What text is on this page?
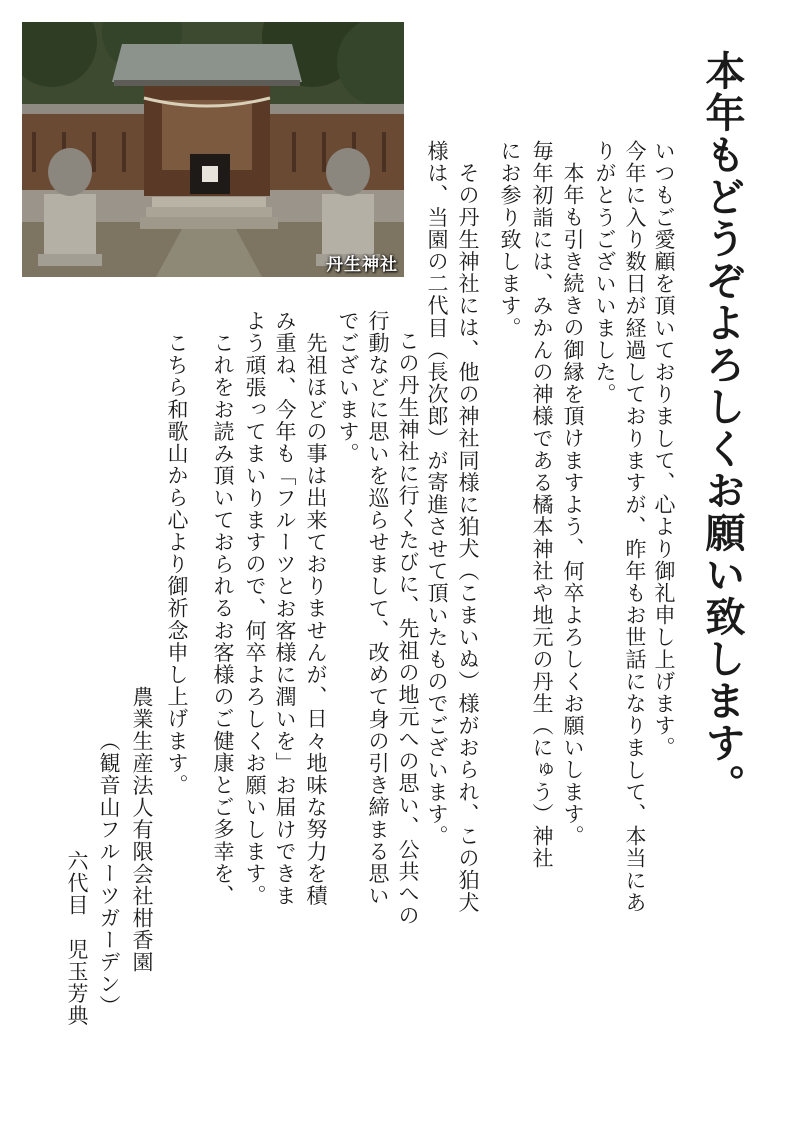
丹生神社	本年もどうぞよろしくお願い致します。
いつもご愛顧を頂いておりまして、心より御礼申し上げます。
今年に入り数日が経過しておりますが、昨年もお世話になりまして、本当にあ
りがとうございいました。
本年も引き続きの御縁を頂けますよう、何卒よろしくお願いします。
毎年初詣には、みかんの神様である橘本神社や地元の丹生（にゅう）神社
にお参り致します。
その丹生神社には、他の神社同様に狛犬（こまいぬ）様がおられ、この狛犬
様は、当園の二代目（長次郎）が寄進させて頂いたものでございます。
この丹生神社に行くたびに、先祖の地元への思い、公共への
行動などに思いを巡らせまして、改めて身の引き締まる思い
でございます。
先祖ほどの事は出来ておりませんが、日々地味な努力を積
み重ね、今年も「フルーツとお客様に潤いを」お届けできま
よう頑張ってまいりますので、何卒よろしくお願いします。
これをお読み頂いておられるお客様のご健康とご多幸を、
こちら和歌山から心より御祈念申し上げます。
農業生産法人有限会社柑香園
（観音山フルーツガーデン）
六代目　児玉芳典
